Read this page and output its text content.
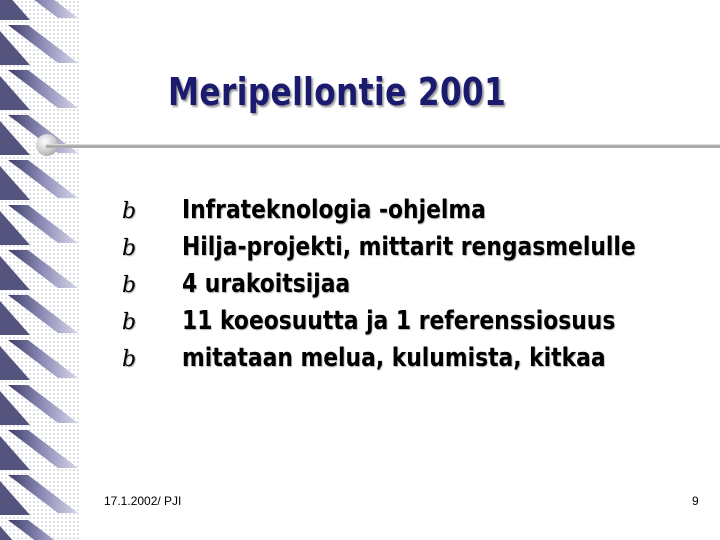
Meripellontie 2001
b Infrateknologia -ohjelma
b Hilja-projekti, mittarit rengasmelulle
b 4 urakoitsijaa
b 11 koeosuutta ja 1 referenssiosuus
b mitataan melua, kulumista, kitkaa
17.1.2002/ PJI	9
